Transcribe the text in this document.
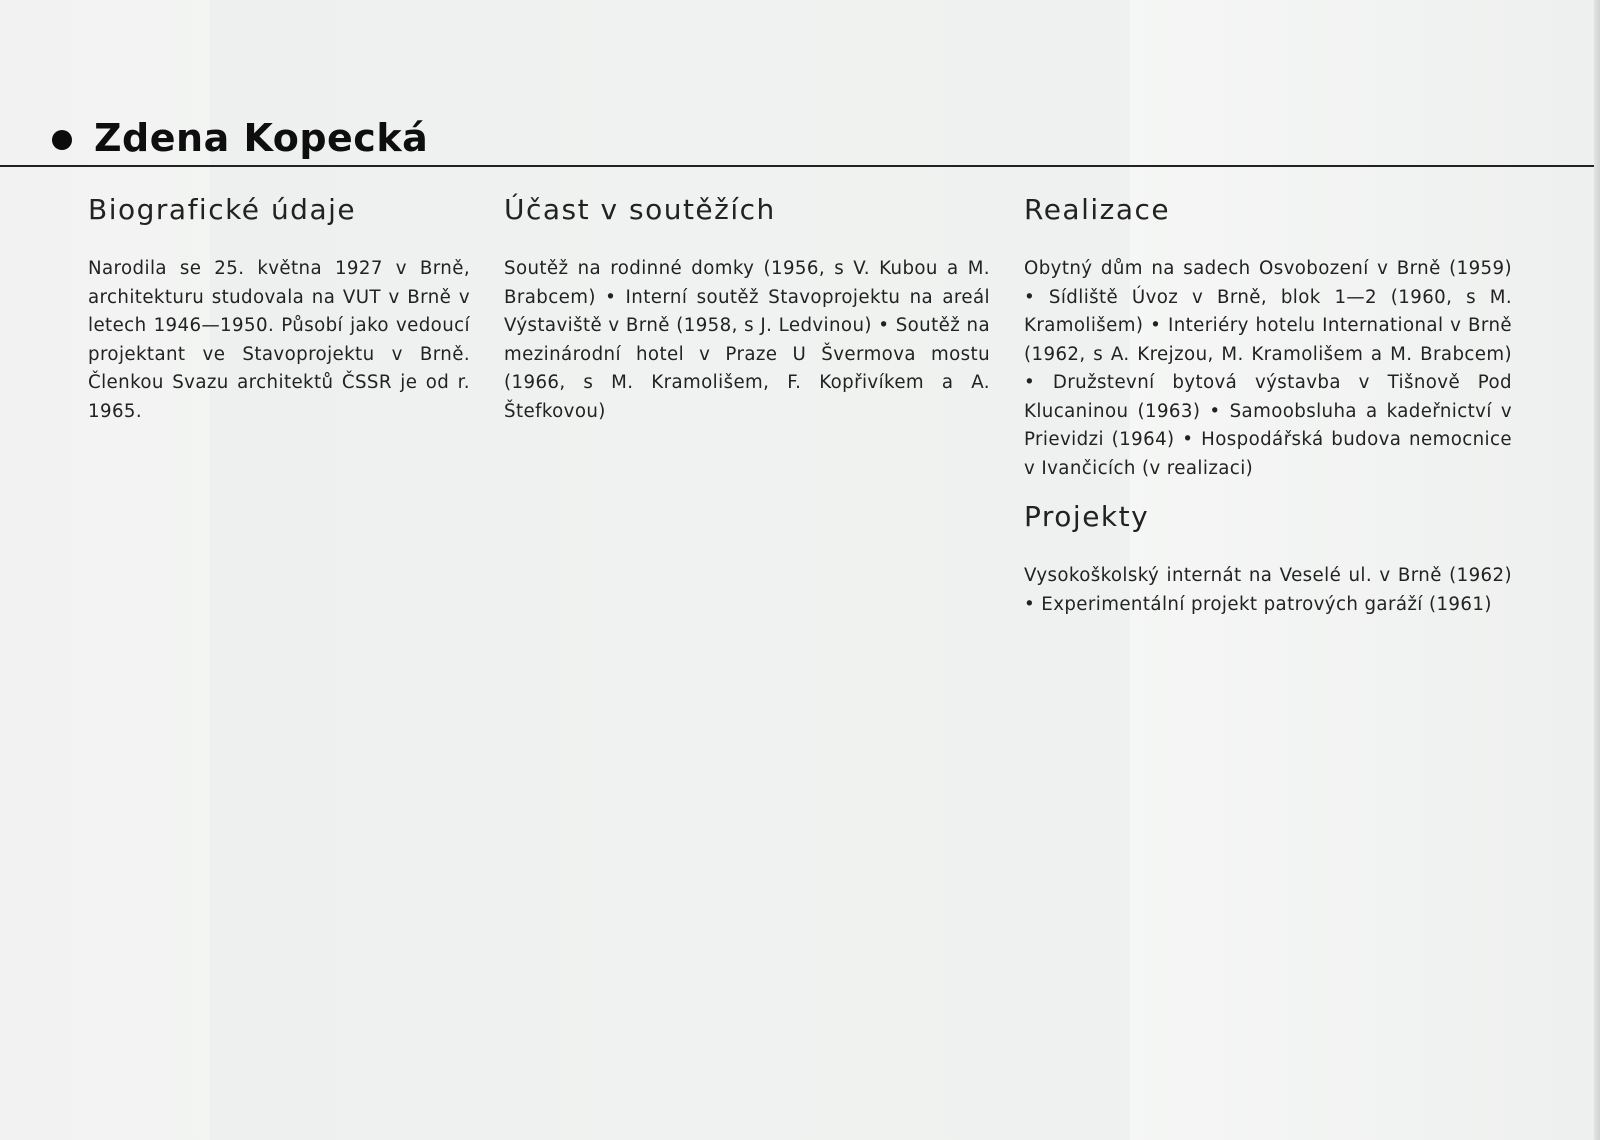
Zdena Kopecká
Biografické údaje

Narodila se 25. května 1927 v Brně, architekturu studovala na VUT v Brně v letech 1946—1950. Působí jako vedoucí projektant ve Stavoprojektu v Brně. Členkou Svazu architektů ČSSR je od r. 1965.

Účast v soutěžích

Soutěž na rodinné domky (1956, s V. Kubou a M. Brabcem) • Interní soutěž Stavoprojektu na areál Výstaviště v Brně (1958, s J. Ledvinou) • Soutěž na mezinárodní hotel v Praze U Švermova mostu (1966, s M. Kramolišem, F. Kopřivíkem a A. Štefkovou)

Realizace

Obytný dům na sadech Osvobození v Brně (1959) • Sídliště Úvoz v Brně, blok 1—2 (1960, s M. Kramolišem) • Interiéry hotelu International v Brně (1962, s A. Krejzou, M. Kramolišem a M. Brabcem) • Družstevní bytová výstavba v Tišnově Pod Klucaninou (1963) • Samoobsluha a kadeřnictví v Prievidzi (1964) • Hospodářská budova nemocnice v Ivančicích (v realizaci)

Projekty

Vysokoškolský internát na Veselé ul. v Brně (1962) • Experimentální projekt patrových garáží (1961)
